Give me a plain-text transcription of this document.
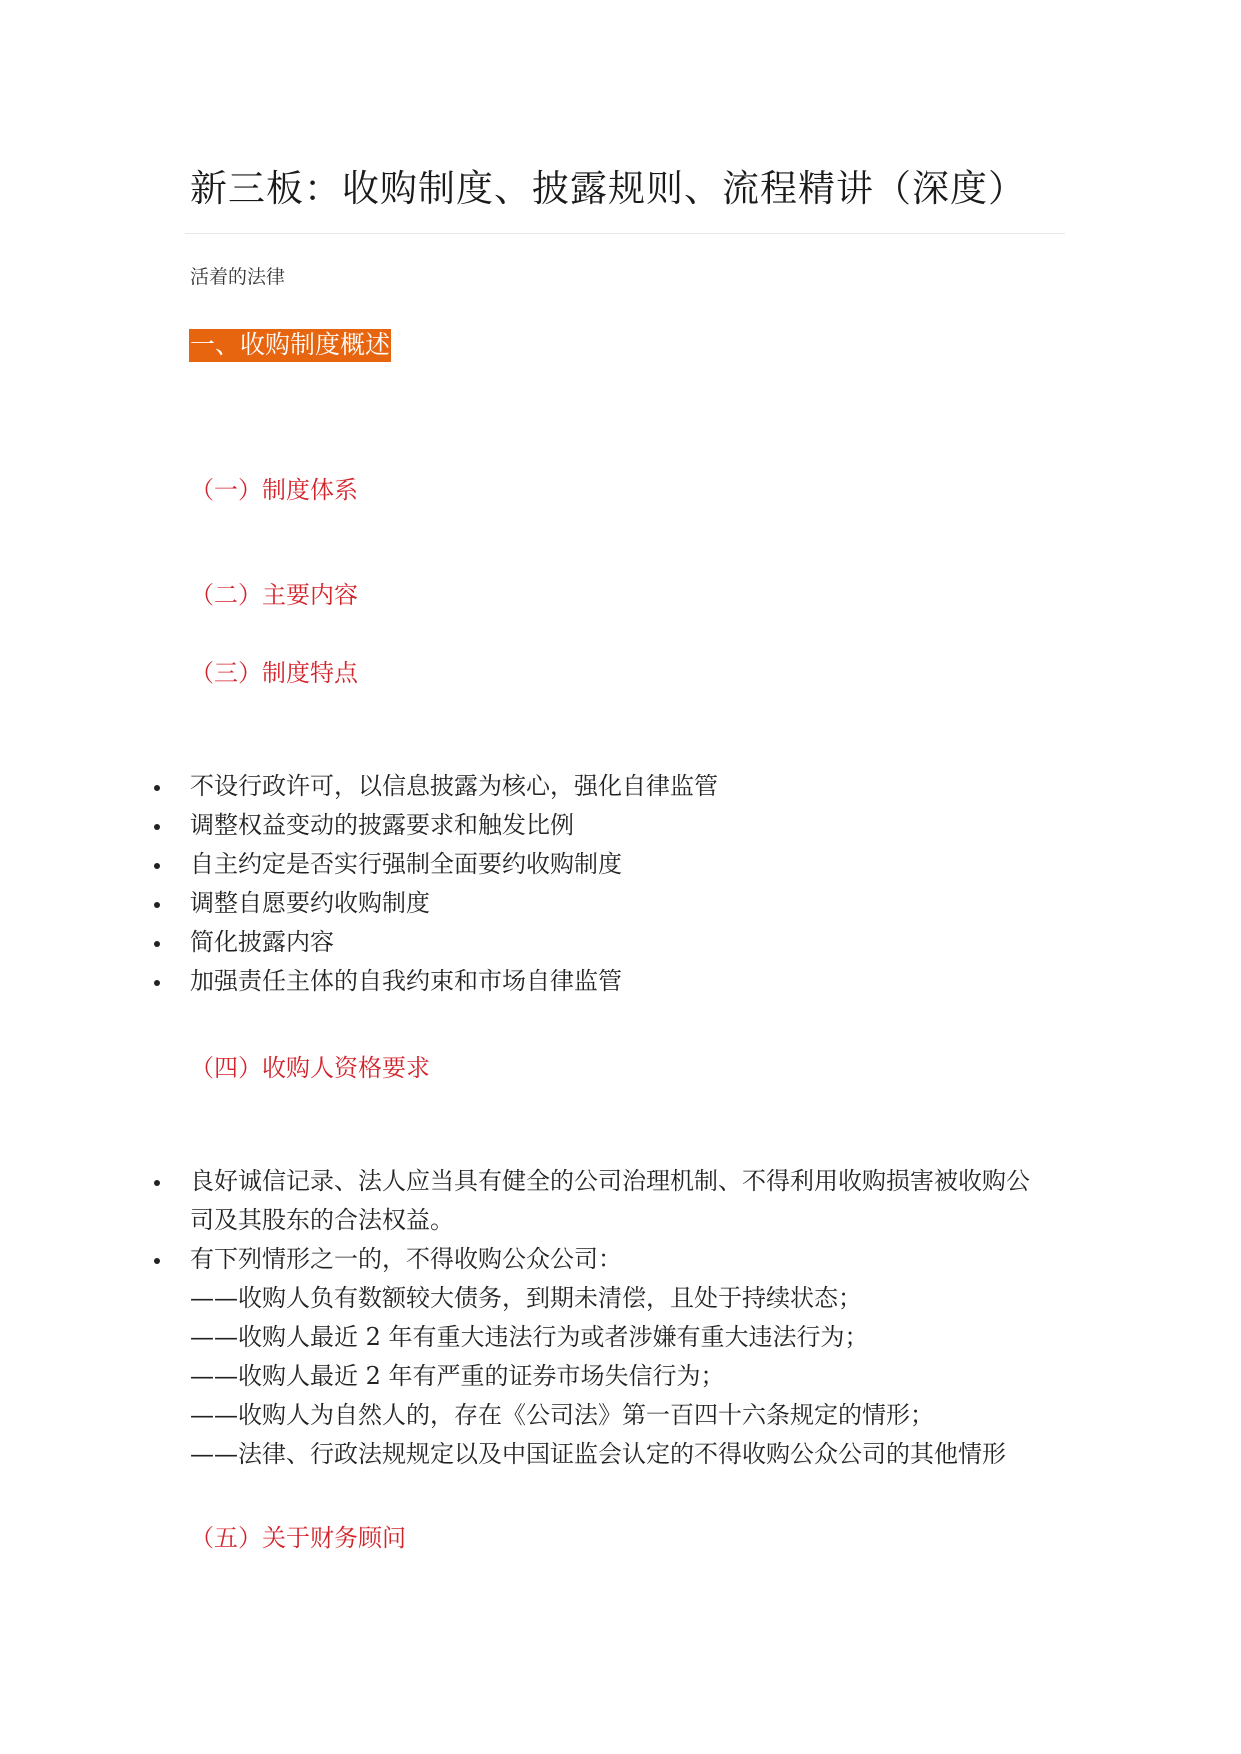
新三板：收购制度、披露规则、流程精讲（深度）
活着的法律
一、收购制度概述
（一）制度体系
（二）主要内容
（三）制度特点
不设行政许可，以信息披露为核心，强化自律监管
调整权益变动的披露要求和触发比例
自主约定是否实行强制全面要约收购制度
调整自愿要约收购制度
简化披露内容
加强责任主体的自我约束和市场自律监管
（四）收购人资格要求
良好诚信记录、法人应当具有健全的公司治理机制、不得利用收购损害被收购公
司及其股东的合法权益。
有下列情形之一的，不得收购公众公司：
——收购人负有数额较大债务，到期未清偿，且处于持续状态；
——收购人最近 2 年有重大违法行为或者涉嫌有重大违法行为；
——收购人最近 2 年有严重的证券市场失信行为；
——收购人为自然人的，存在《公司法》第一百四十六条规定的情形；
——法律、行政法规规定以及中国证监会认定的不得收购公众公司的其他情形
（五）关于财务顾问
